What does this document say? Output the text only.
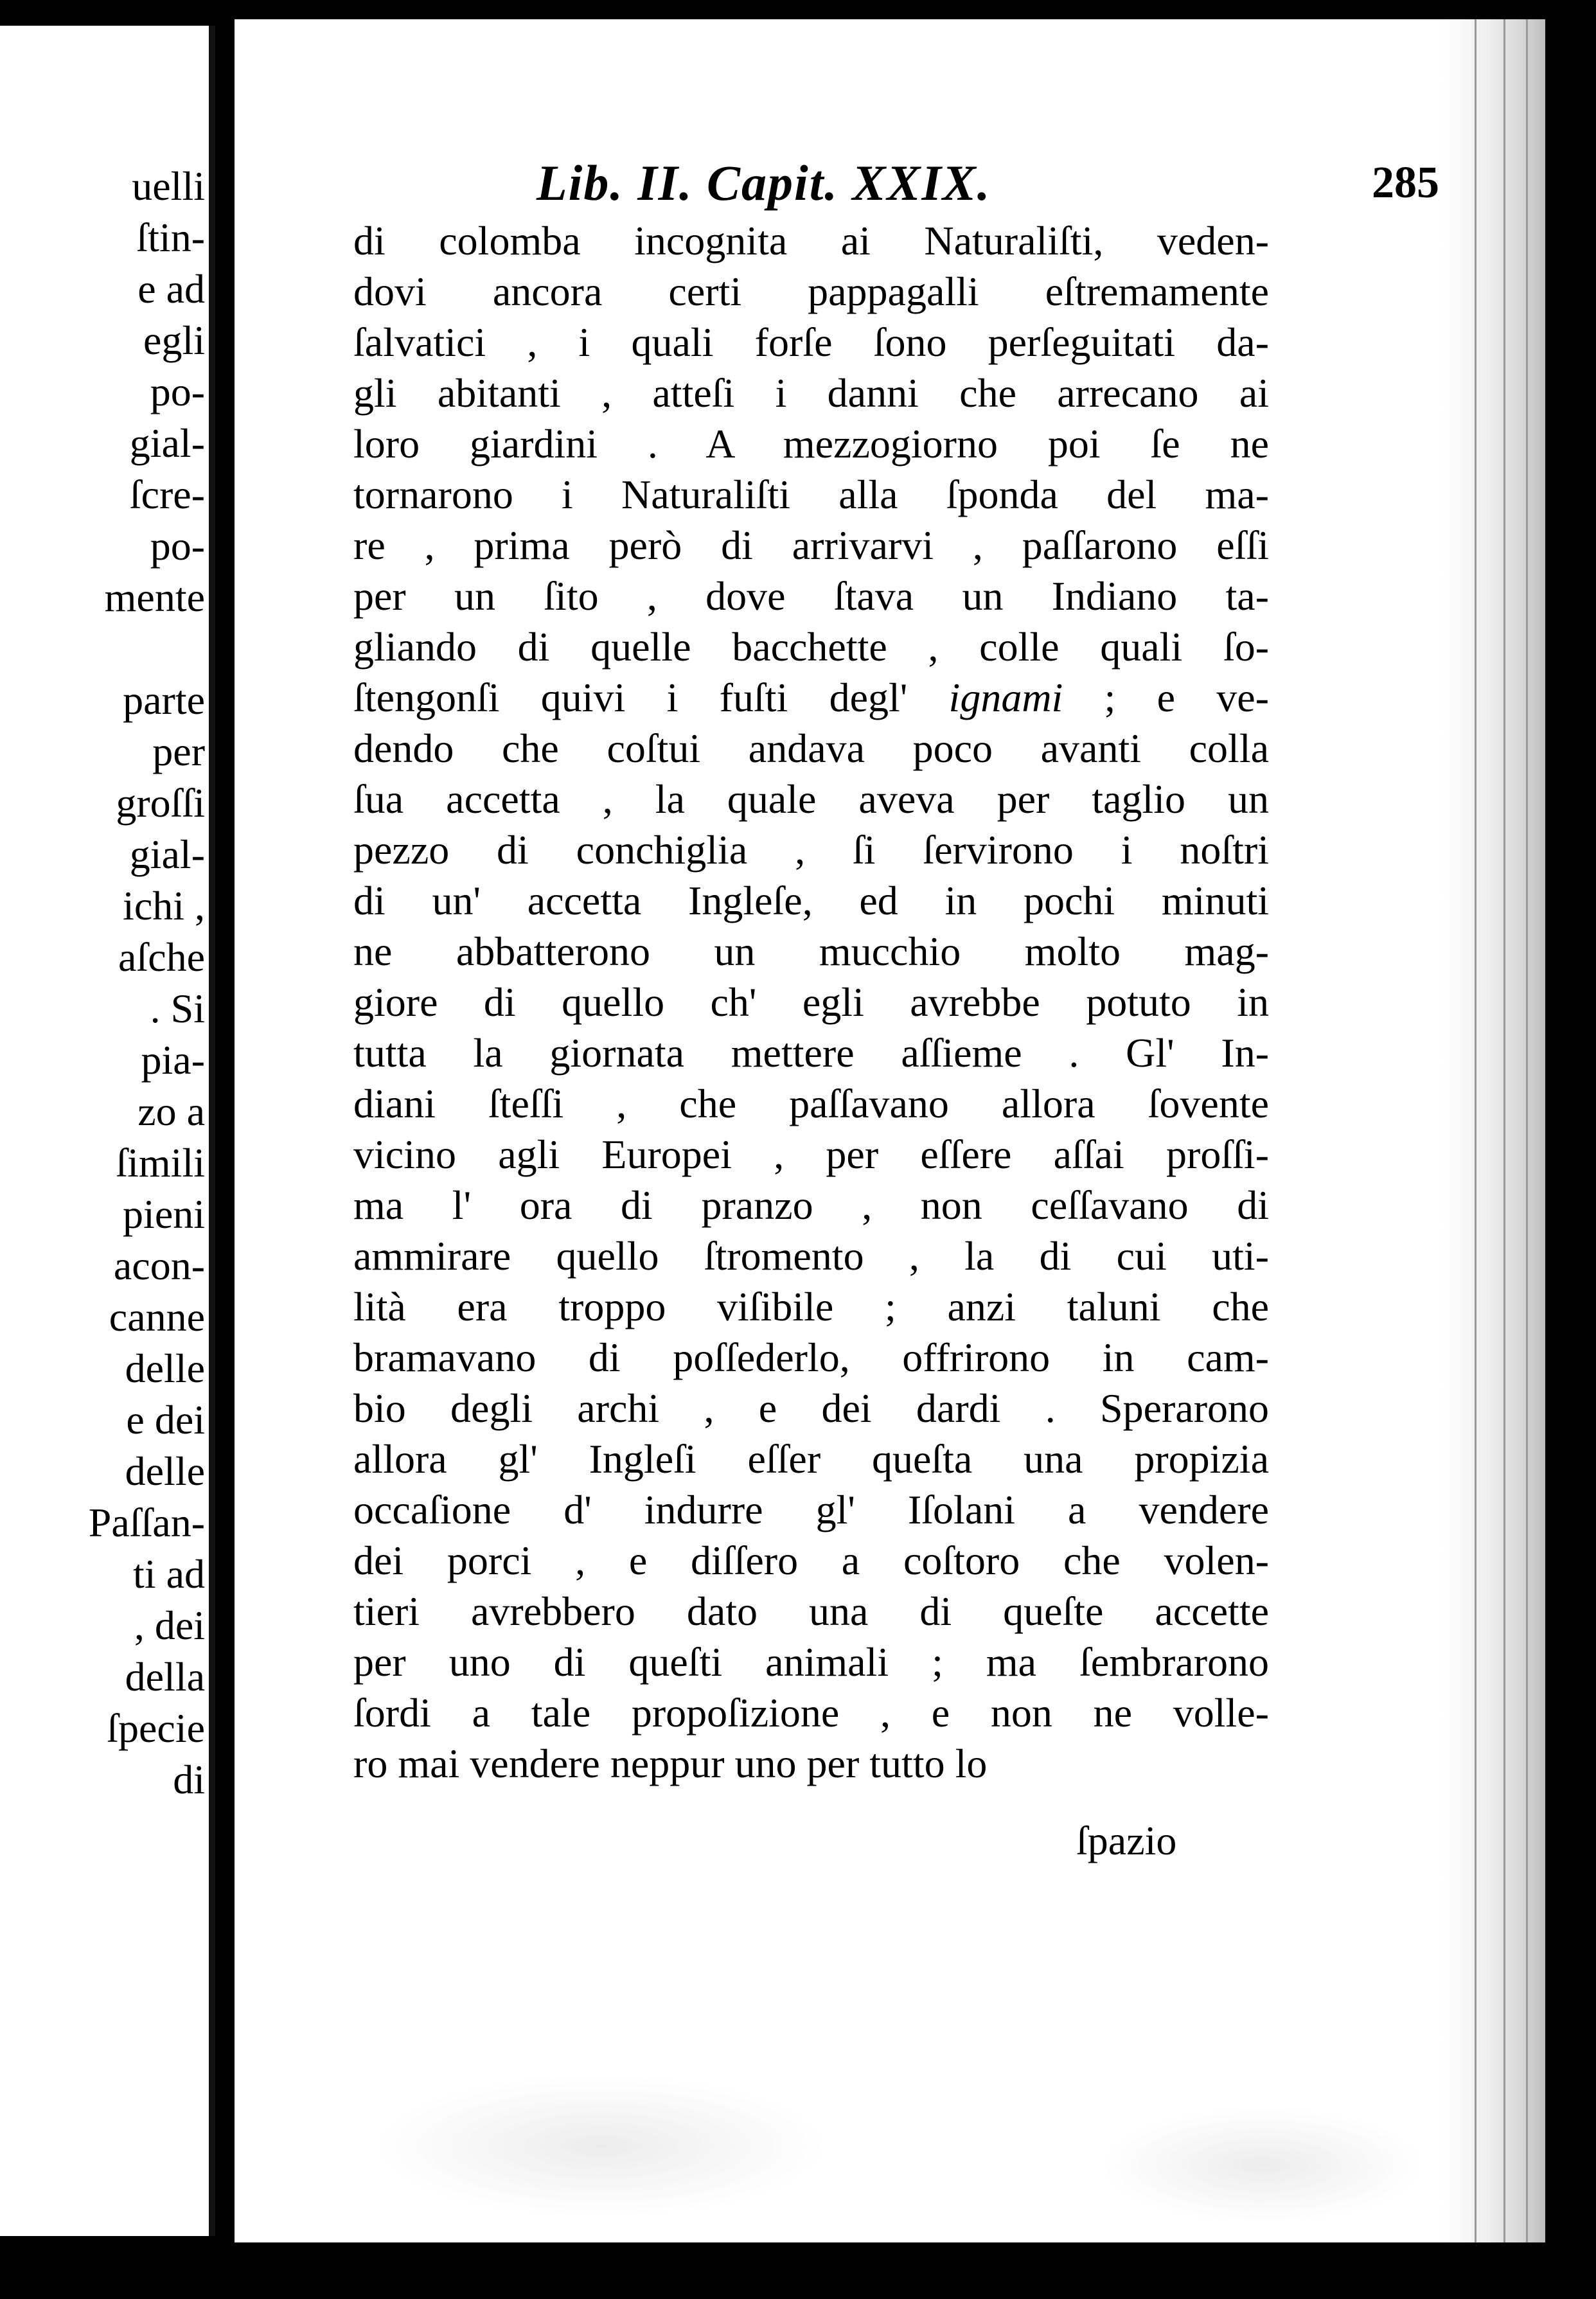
uelli
ſtin-
e ad
egli
po-
gial-
ſcre-
po-
mente
parte
per
groſſi
gial-
ichi ,
aſche
. Si
pia-
zo a
ſimili
pieni
acon-
canne
delle
e dei
delle
Paſſan-
ti ad
, dei
della
ſpecie
di
Lib. II. Capit. XXIX.	285
di colomba incognita ai Naturaliſti, veden-
dovi ancora certi pappagalli eſtremamente
ſalvatici , i quali forſe ſono perſeguitati da-
gli abitanti , atteſi i danni che arrecano ai
loro giardini . A mezzogiorno poi ſe ne
tornarono i Naturaliſti alla ſponda del ma-
re , prima però di arrivarvi , paſſarono eſſi
per un ſito , dove ſtava un Indiano ta-
gliando di quelle bacchette , colle quali ſo-
ſtengonſi quivi i fuſti degl' ignami ; e ve-
dendo che coſtui andava poco avanti colla
ſua accetta , la quale aveva per taglio un
pezzo di conchiglia , ſi ſervirono i noſtri
di un' accetta Ingleſe, ed in pochi minuti
ne abbatterono un mucchio molto mag-
giore di quello ch' egli avrebbe potuto in
tutta la giornata mettere aſſieme . Gl' In-
diani ſteſſi , che paſſavano allora ſovente
vicino agli Europei , per eſſere aſſai proſſi-
ma l' ora di pranzo , non ceſſavano di
ammirare quello ſtromento , la di cui uti-
lità era troppo viſibile ; anzi taluni che
bramavano di poſſederlo, offrirono in cam-
bio degli archi , e dei dardi . Sperarono
allora gl' Ingleſi eſſer queſta una propizia
occaſione d' indurre gl' Iſolani a vendere
dei porci , e diſſero a coſtoro che volen-
tieri avrebbero dato una di queſte accette
per uno di queſti animali ; ma ſembrarono
ſordi a tale propoſizione , e non ne volle-
ro mai vendere neppur uno per tutto lo
ſpazio
